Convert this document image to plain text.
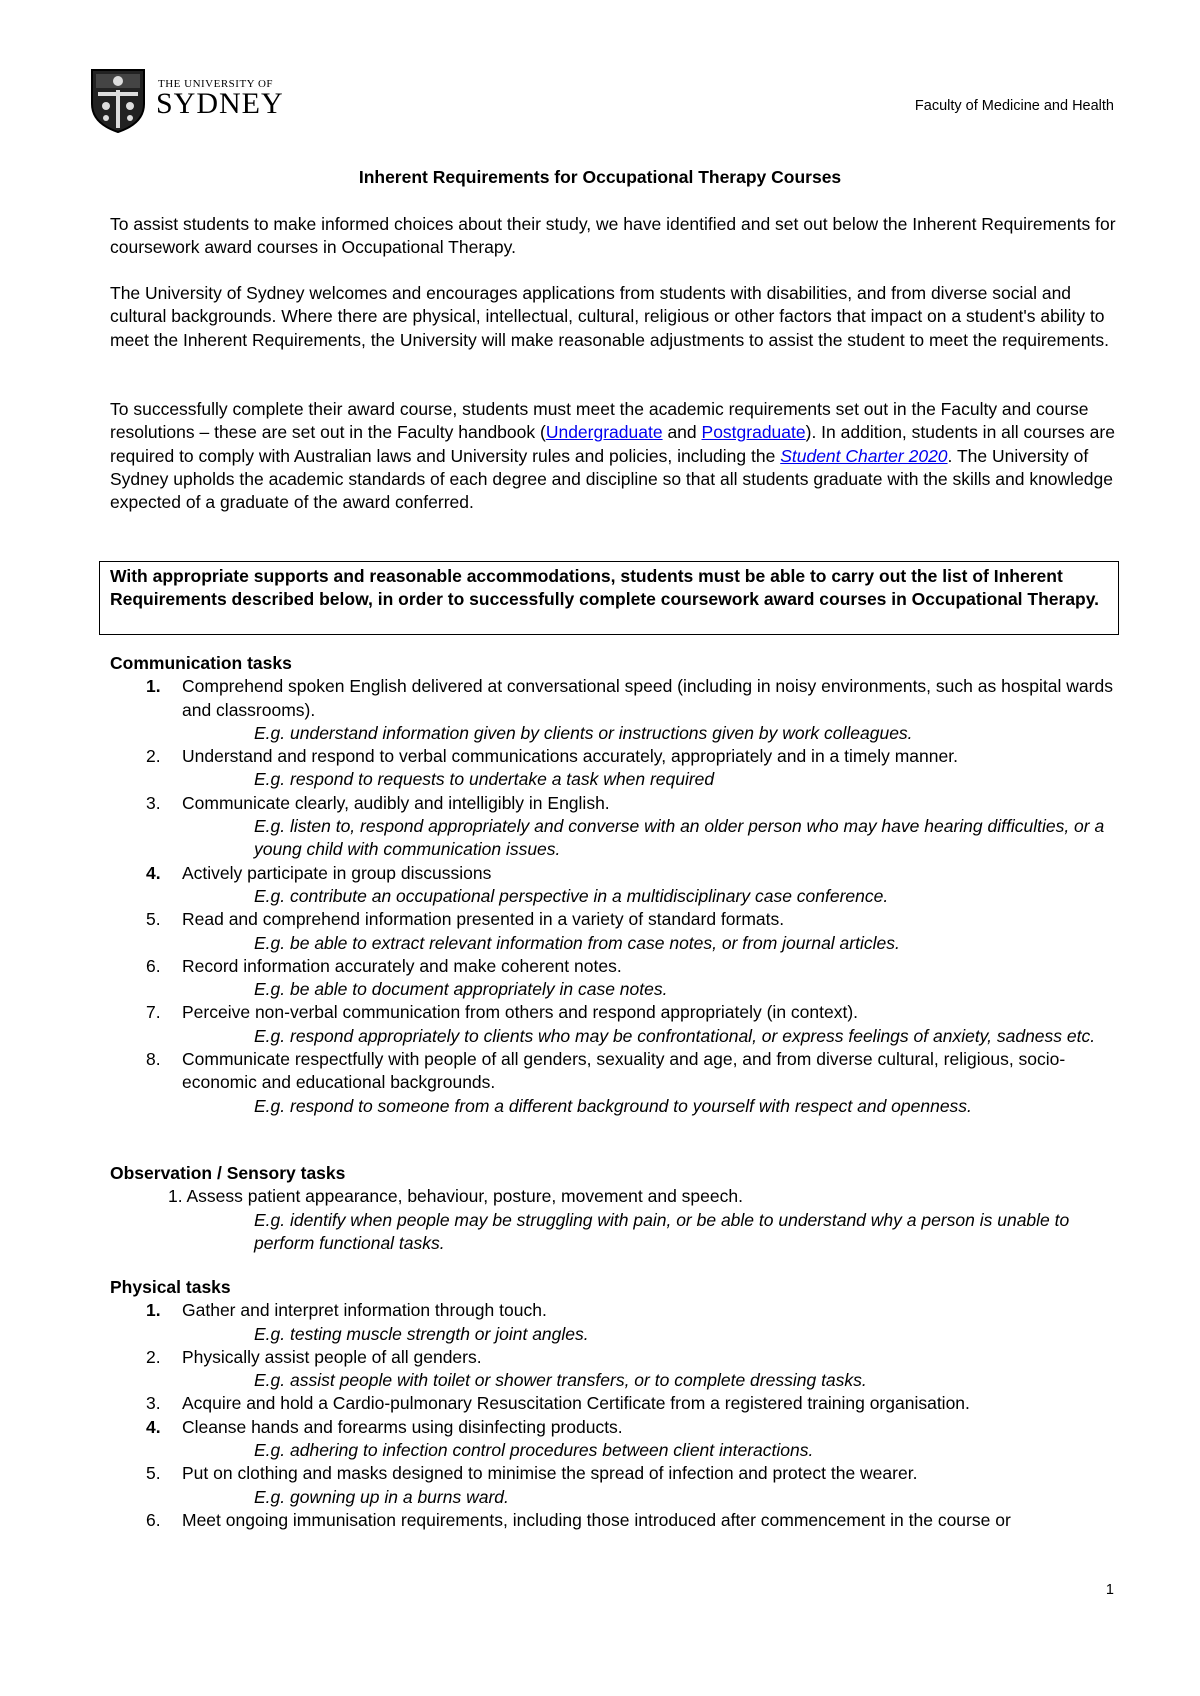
THE UNIVERSITY OF
SYDNEY	Faculty of Medicine and Health
Inherent Requirements for Occupational Therapy Courses
To assist students to make informed choices about their study, we have identified and set out below the Inherent Requirements for coursework award courses in Occupational Therapy.
The University of Sydney welcomes and encourages applications from students with disabilities, and from diverse social and cultural backgrounds. Where there are physical, intellectual, cultural, religious or other factors that impact on a student's ability to meet the Inherent Requirements, the University will make reasonable adjustments to assist the student to meet the requirements.
To successfully complete their award course, students must meet the academic requirements set out in the Faculty and course resolutions – these are set out in the Faculty handbook (Undergraduate and Postgraduate). In addition, students in all courses are required to comply with Australian laws and University rules and policies, including the Student Charter 2020. The University of Sydney upholds the academic standards of each degree and discipline so that all students graduate with the skills and knowledge expected of a graduate of the award conferred.
With appropriate supports and reasonable accommodations, students must be able to carry out the list of Inherent Requirements described below, in order to successfully complete coursework award courses in Occupational Therapy.
Communication tasks
1. Comprehend spoken English delivered at conversational speed (including in noisy environments, such as hospital wards and classrooms).
E.g. understand information given by clients or instructions given by work colleagues.
2. Understand and respond to verbal communications accurately, appropriately and in a timely manner.
E.g. respond to requests to undertake a task when required
3. Communicate clearly, audibly and intelligibly in English.
E.g. listen to, respond appropriately and converse with an older person who may have hearing difficulties, or a young child with communication issues.
4. Actively participate in group discussions
E.g. contribute an occupational perspective in a multidisciplinary case conference.
5. Read and comprehend information presented in a variety of standard formats.
E.g. be able to extract relevant information from case notes, or from journal articles.
6. Record information accurately and make coherent notes.
E.g. be able to document appropriately in case notes.
7. Perceive non-verbal communication from others and respond appropriately (in context).
E.g. respond appropriately to clients who may be confrontational, or express feelings of anxiety, sadness etc.
8. Communicate respectfully with people of all genders, sexuality and age, and from diverse cultural, religious, socio-economic and educational backgrounds.
E.g. respond to someone from a different background to yourself with respect and openness.
Observation / Sensory tasks
1. Assess patient appearance, behaviour, posture, movement and speech.
E.g. identify when people may be struggling with pain, or be able to understand why a person is unable to perform functional tasks.
Physical tasks
1. Gather and interpret information through touch.
E.g. testing muscle strength or joint angles.
2. Physically assist people of all genders.
E.g. assist people with toilet or shower transfers, or to complete dressing tasks.
3. Acquire and hold a Cardio-pulmonary Resuscitation Certificate from a registered training organisation.
4. Cleanse hands and forearms using disinfecting products.
E.g. adhering to infection control procedures between client interactions.
5. Put on clothing and masks designed to minimise the spread of infection and protect the wearer.
E.g. gowning up in a burns ward.
6. Meet ongoing immunisation requirements, including those introduced after commencement in the course or
1
